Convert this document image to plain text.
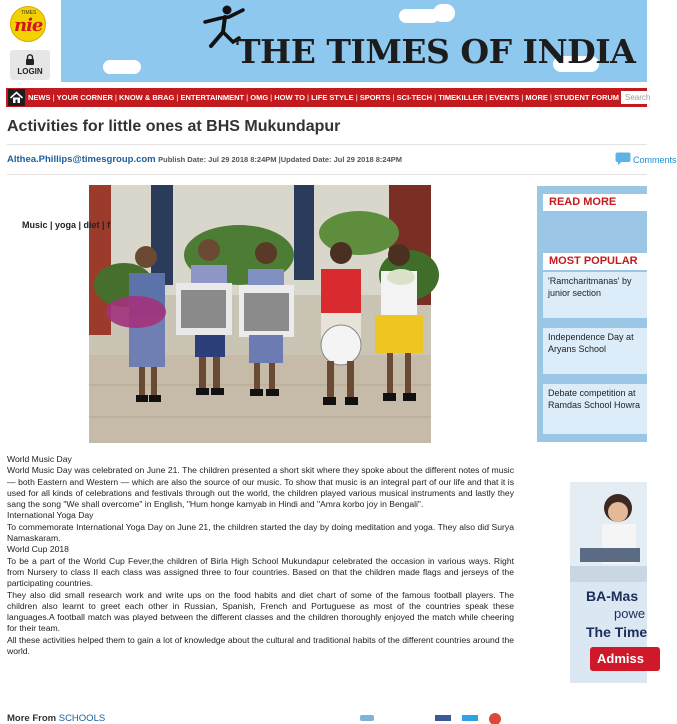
TIMES
nie
LOGIN
THE TIMES OF INDIA
NEWS | YOUR CORNER | KNOW & BRAG | ENTERTAINMENT | OMG | HOW TO | LIFE STYLE | SPORTS | SCI-TECH | TIMEKILLER | EVENTS | MORE | STUDENT FORUM Search
Activities for little ones at BHS Mukundapur
Althea.Phillips@timesgroup.com Publish Date: Jul 29 2018 8:24PM |Updated Date: Jul 29 2018 8:24PM	Comments

World Music Day

World Music Day was celebrated on June 21. The children presented a short skit where they spoke about the different notes of music — both Eastern and Western — which are also the source of our music. To show that music is an integral part of our life and that it is used for all kinds of celebrations and festivals through out the world, the children played various musical instruments and lastly they sang the song "We shall overcome" in English, "Hum honge kamyab in Hindi and "Amra korbo joy in Bengali".

International Yoga Day

To commemorate International Yoga Day on June 21, the children started the day by doing meditation and yoga. They also did Surya Namaskaram.

World Cup 2018

To be a part of the World Cup Fever,the children of Birla High School Mukundapur celebrated the occasion in various ways. Right from Nursery to class II each class was assigned three to four countries. Based on that the children made flags and jerseys of the participating countries.

They also did small research work and write ups on the food habits and diet chart of some of the famous football players. The children also learnt to greet each other in Russian, Spanish, French and Portuguese as most of the countries speak these languages.A football match was played between the different classes and the children thoroughly enjoyed the match while cheering for their team.

All these activities helped them to gain a lot of knowledge about the cultural and traditional habits of the different countries around the world.

More From SCHOOLS
READ MORE
MOST POPULAR
Music | yoga | diet | f
'Ramcharitmanas' by
junior section
Independence Day at
Aryans School
Debate competition at
Ramdas School Howra
BA-Mas
powe
The Time
Admiss
